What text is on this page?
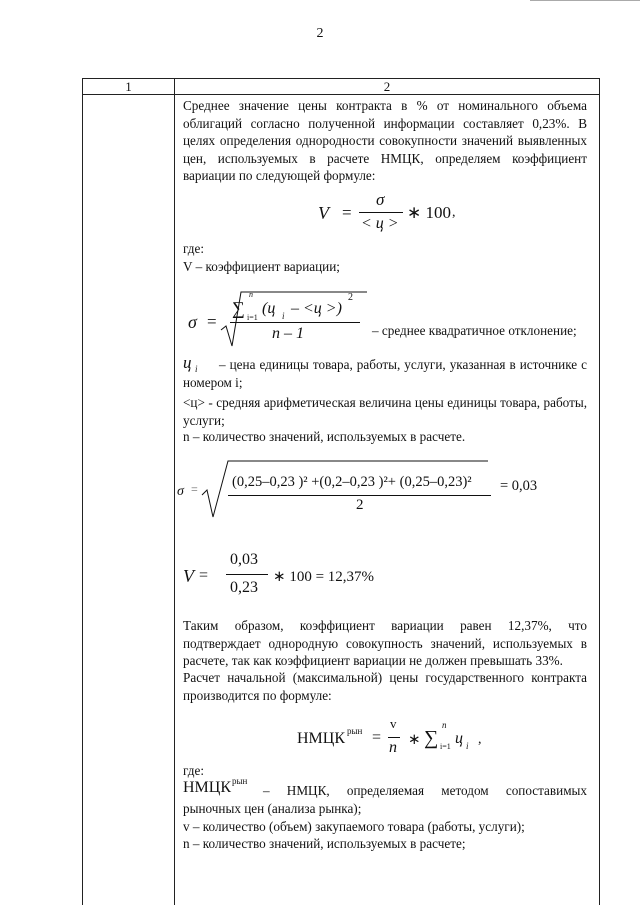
2
1	2
Среднее значение цены контракта в % от номинального объема облигаций согласно полученной информации составляет 0,23%. В целях определения однородности совокупности значений выявленных цен, используемых в расчете НМЦК, определяем коэффициент вариации по следующей формуле:
V =
σ
< ц >
∗ 100 ,
где:
V – коэффициент вариации;
σ =
∑
n
i=1
(ц i – <ц >)
2
n – 1	– среднее квадратичное отклонение;
– цена единицы товара, работы, услуги, указанная в источнике с номером i;
ц i
<ц> - средняя арифметическая величина цены единицы товара, работы, услуги;
n – количество значений, используемых в расчете.
σ = (0,25–0,23 )² +(0,2–0,23 )²+ (0,25–0,23)²
2
= 0,03
V =
0,03
0,23
∗ 100 = 12,37%
Таким образом, коэффициент вариации равен 12,37%, что подтверждает однородную совокупность значений, используемых в расчете, так как коэффициент вариации не должен превышать 33%.
Расчет начальной (максимальной) цены государственного контракта производится по формуле:
НМЦК рын =
v
n ∗ ∑
n
i=1 ц i ,
где:
НМЦК рын
– НМЦК, определяемая методом сопоставимых рыночных цен (анализа рынка);
v – количество (объем) закупаемого товара (работы, услуги);
n – количество значений, используемых в расчете;
